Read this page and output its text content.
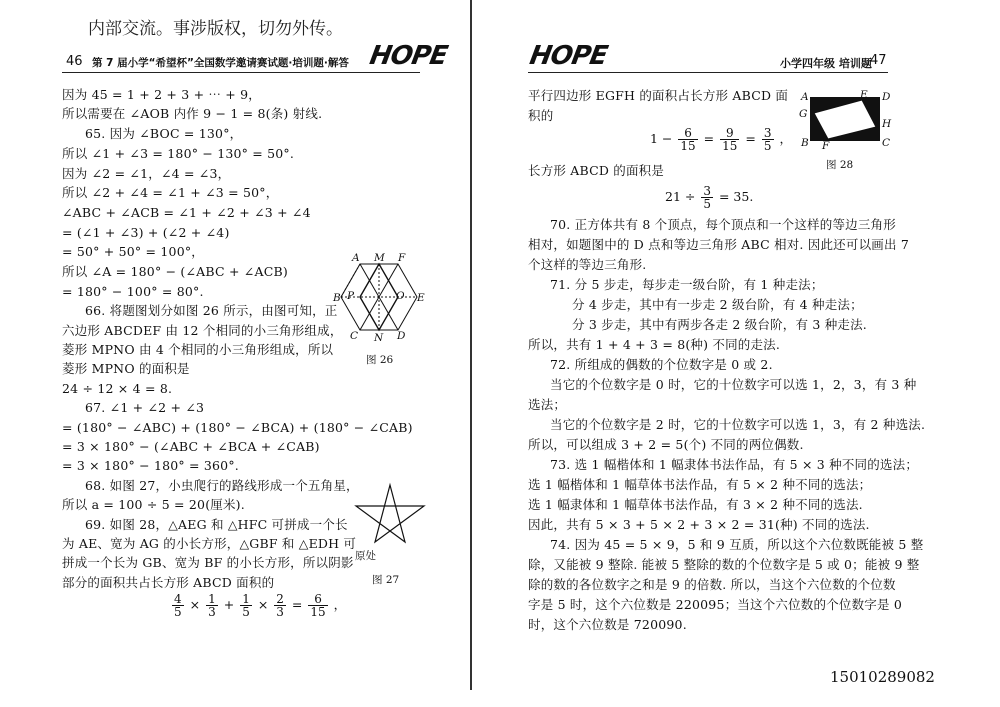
内部交流。事涉版权，切勿外传。
46 第 7 届小学“希望杯”全国数学邀请赛试题·培训题·解答 HOPE
因为 45 = 1 + 2 + 3 + ⋯ + 9，
所以需要在 ∠AOB 内作 9 − 1 = 8(条) 射线.
65. 因为 ∠BOC = 130°，
所以 ∠1 + ∠3 = 180° − 130° = 50°.
因为 ∠2 = ∠1，∠4 = ∠3，
所以 ∠2 + ∠4 = ∠1 + ∠3 = 50°，
∠ABC + ∠ACB = ∠1 + ∠2 + ∠3 + ∠4
= (∠1 + ∠3) + (∠2 + ∠4)
= 50° + 50° = 100°，
所以 ∠A = 180° − (∠ABC + ∠ACB)
= 180° − 100° = 80°.
66. 将题图划分如图 26 所示，由图可知，正
六边形 ABCDEF 由 12 个相同的小三角形组成，
菱形 MPNO 由 4 个相同的小三角形组成，所以
菱形 MPNO 的面积是
24 ÷ 12 × 4 = 8.
67. ∠1 + ∠2 + ∠3
= (180° − ∠ABC) + (180° − ∠BCA) + (180° − ∠CAB)
= 3 × 180° − (∠ABC + ∠BCA + ∠CAB)
= 3 × 180° − 180° = 360°.
68. 如图 27，小虫爬行的路线形成一个五角星，
所以 a = 100 ÷ 5 = 20(厘米).
69. 如图 28，△AEG 和 △HFC 可拼成一个长
为 AE、宽为 AG 的小长方形，△GBF 和 △EDH 可
拼成一个长为 GB、宽为 BF 的小长方形，所以阴影
部分的面积共占长方形 ABCD 面积的
$\frac{4}{5} \times \frac{1}{3} + \frac{1}{5} \times \frac{2}{3} = \frac{6}{15}$ ，
A M F
P	O E
B
C N D
图 26
原处
图 27
HOPE	小学四年级 培训题
47
平行四边形 EGFH 的面积占长方形 ABCD 面
积的
$1 - \frac{6}{15} = \frac{9}{15} = \frac{3}{5}$ ，
长方形 ABCD 的面积是
$21 \div \frac{3}{5} = 35$.
A	E D
G
H
B F	C
图 28
70. 正方体共有 8 个顶点，每个顶点和一个这样的等边三角形
相对，如题图中的 D 点和等边三角形 ABC 相对. 因此还可以画出 7
个这样的等边三角形.
71. 分 5 步走，每步走一级台阶，有 1 种走法；
分 4 步走，其中有一步走 2 级台阶，有 4 种走法；
分 3 步走，其中有两步各走 2 级台阶，有 3 种走法.
所以，共有 1 + 4 + 3 = 8(种) 不同的走法.
72. 所组成的偶数的个位数字是 0 或 2.
当它的个位数字是 0 时，它的十位数字可以选 1，2，3，有 3 种
选法；
当它的个位数字是 2 时，它的十位数字可以选 1，3，有 2 种选法.
所以，可以组成 3 + 2 = 5(个) 不同的两位偶数.
73. 选 1 幅楷体和 1 幅隶体书法作品，有 5 × 3 种不同的选法；
选 1 幅楷体和 1 幅草体书法作品，有 5 × 2 种不同的选法；
选 1 幅隶体和 1 幅草体书法作品，有 3 × 2 种不同的选法.
因此，共有 5 × 3 + 5 × 2 + 3 × 2 = 31(种) 不同的选法.
74. 因为 45 = 5 × 9，5 和 9 互质，所以这个六位数既能被 5 整
除，又能被 9 整除. 能被 5 整除的数的个位数字是 5 或 0；能被 9 整
除的数的各位数字之和是 9 的倍数. 所以，当这个六位数的个位数
字是 5 时，这个六位数是 220095；当这个六位数的个位数字是 0
时，这个六位数是 720090.
15010289082
